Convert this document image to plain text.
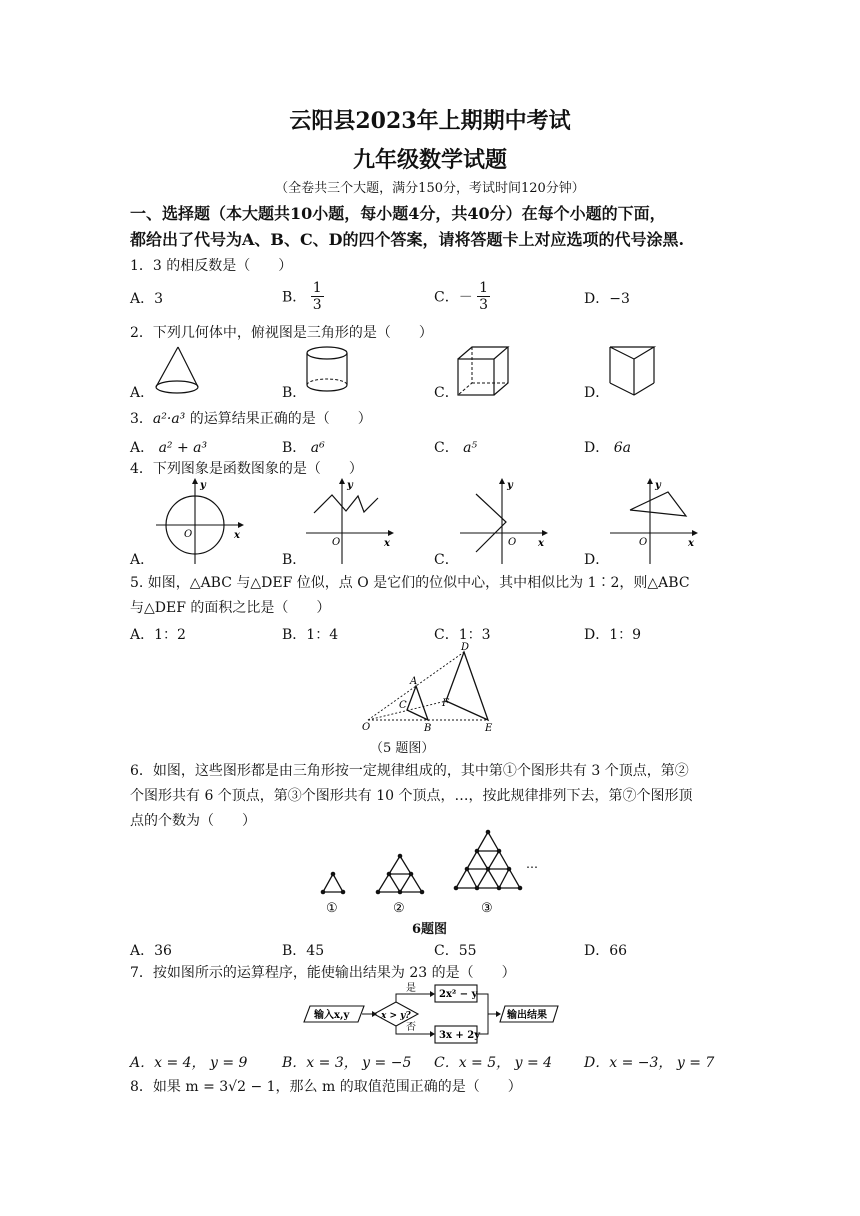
云阳县2023年上期期中考试
九年级数学试题
（全卷共三个大题，满分150分，考试时间120分钟）
一、选择题（本大题共10小题，每小题4分，共40分）在每个小题的下面，
都给出了代号为A、B、C、D的四个答案，请将答题卡上对应选项的代号涂黑.
1．3 的相反数是（　　）
A．3	B． $\frac{1}{3}$	C．－ $\frac{1}{3}$	D．−3
2．下列几何体中，俯视图是三角形的是（　　）
A．	B．	C．	D．
3．a²·a³ 的运算结果正确的是（　　）
A． a² + a³	B． a⁶	C． a⁵	D． 6a
4．下列图象是函数图象的是（　　）
A．
y
x
O
B．
y
x
O
C．
y
x
O
D．
y
x
O
5. 如图，△ABC 与△DEF 位似，点 O 是它们的位似中心，其中相似比为 1∶2，则△ABC
与△DEF 的面积之比是（　　）
A．1：2	B．1：4	C．1：3	D．1：9
D
A
C	F
O	B	E
（5 题图）
6．如图，这些图形都是由三角形按一定规律组成的，其中第①个图形共有 3 个顶点，第②
个图形共有 6 个顶点，第③个图形共有 10 个顶点，…，按此规律排列下去，第⑦个图形顶
点的个数为（　　）
…
①	②	③
6题图
A．36	B．45	C．55	D．66
7．按如图所示的运算程序，能使输出结果为 23 的是（　　）
输入x,y	x > y?
是
否
2x² − y
3x + 2y
输出结果
A．x = 4， y = 9 B．x = 3， y = −5 C．x = 5， y = 4 D．x = −3， y = 7
8．如果 m = 3√2 − 1，那么 m 的取值范围正确的是（　　）
